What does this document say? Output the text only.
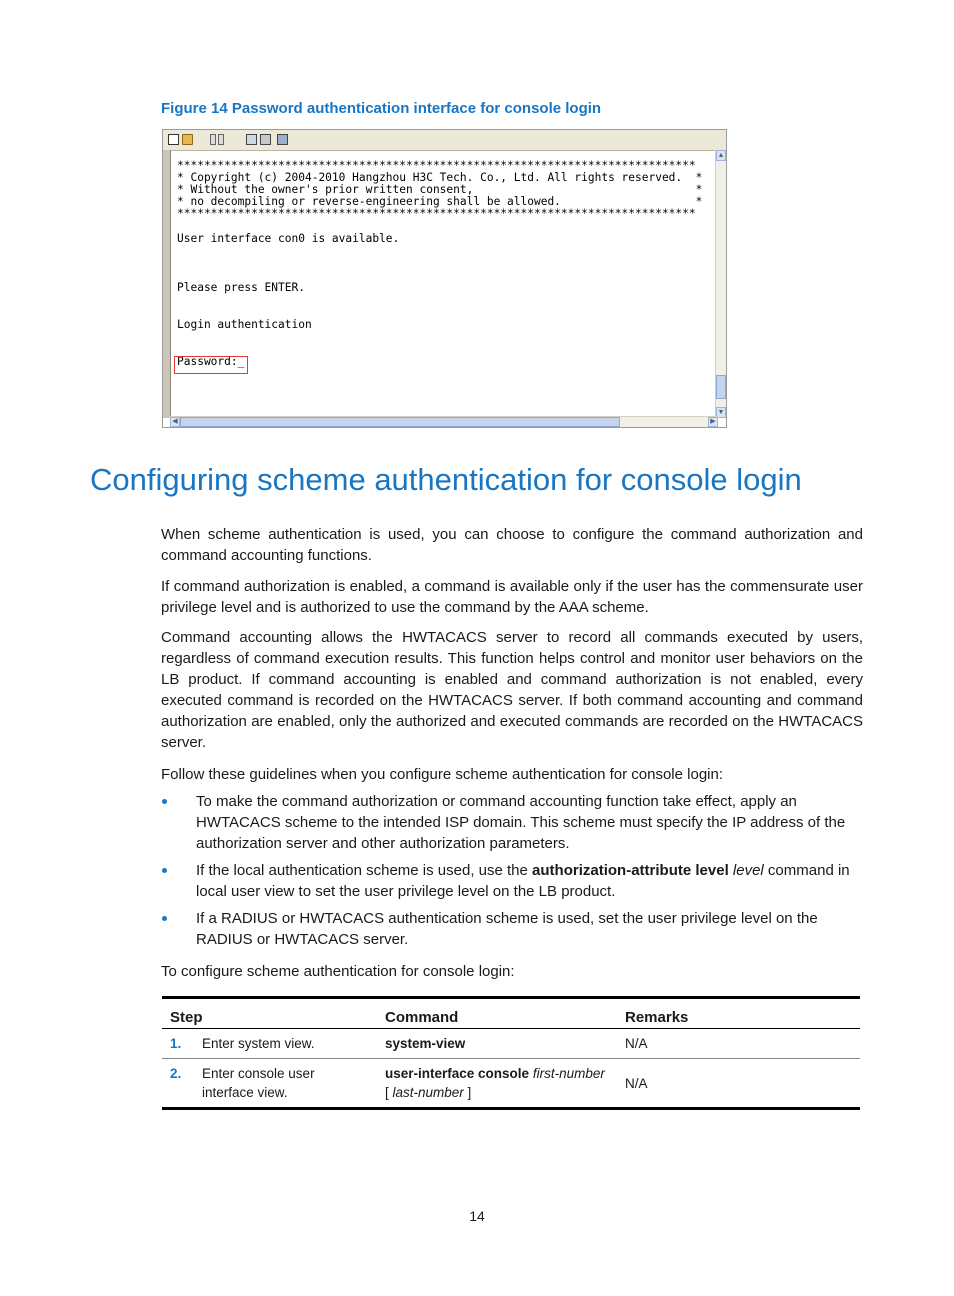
Figure 14 Password authentication interface for console login

*****************************************************************************

* Copyright (c) 2004-2010 Hangzhou H3C Tech. Co., Ltd. All rights reserved.  *

* Without the owner's prior written consent,                                 *

* no decompiling or reverse-engineering shall be allowed.                    *

*****************************************************************************

User interface con0 is available.

Please press ENTER.

Login authentication

Password:_

▲
▼
◀	▶
Configuring scheme authentication for console login

When scheme authentication is used, you can choose to configure the command authorization and command accounting functions.

If command authorization is enabled, a command is available only if the user has the commensurate user privilege level and is authorized to use the command by the AAA scheme.

Command accounting allows the HWTACACS server to record all commands executed by users, regardless of command execution results. This function helps control and monitor user behaviors on the LB product. If command accounting is enabled and command authorization is not enabled, every executed command is recorded on the HWTACACS server. If both command accounting and command authorization are enabled, only the authorized and executed commands are recorded on the HWTACACS server.

Follow these guidelines when you configure scheme authentication for console login:

To make the command authorization or command accounting function take effect, apply an HWTACACS scheme to the intended ISP domain. This scheme must specify the IP address of the authorization server and other authorization parameters.
If the local authentication scheme is used, use the authorization-attribute level level command in local user view to set the user privilege level on the LB product.
If a RADIUS or HWTACACS authentication scheme is used, set the user privilege level on the RADIUS or HWTACACS server.

To configure scheme authentication for console login:

Step	Command	Remarks

1. Enter system view.	system-view	N/A

2. Enter console user interface view.	user-interface console first-number
[ last-number ]	N/A
14
